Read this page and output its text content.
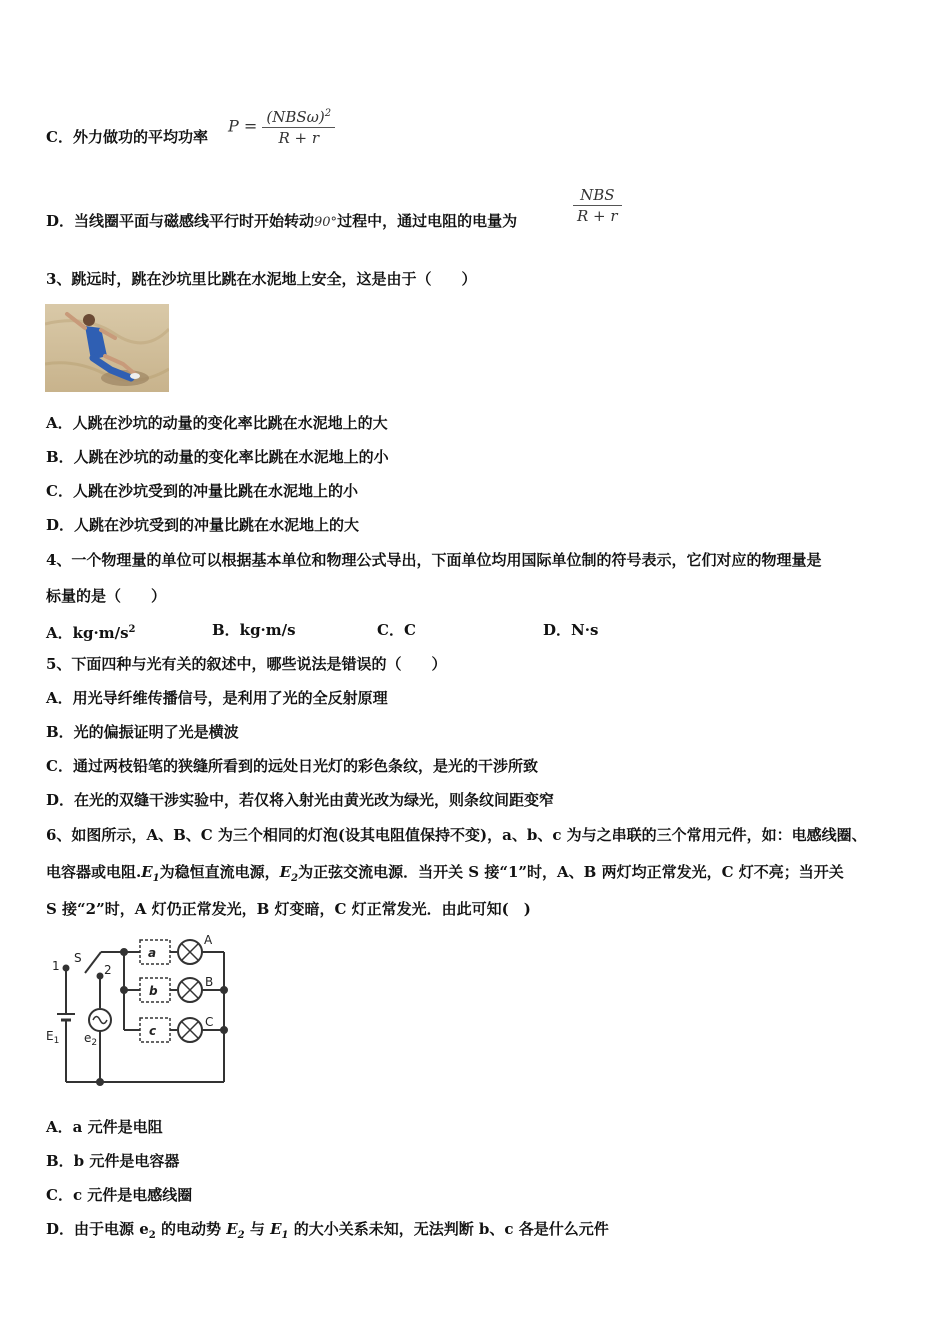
C．外力做功的平均功率
$P = \frac{(NBS\omega)^2}{R + r}$
D．当线圈平面与磁感线平行时开始转动90°过程中，通过电阻的电量为	$\frac{\text{NBS}}{R + r}$
3、跳远时，跳在沙坑里比跳在水泥地上安全，这是由于（　　）
A．人跳在沙坑的动量的变化率比跳在水泥地上的大
B．人跳在沙坑的动量的变化率比跳在水泥地上的小
C．人跳在沙坑受到的冲量比跳在水泥地上的小
D．人跳在沙坑受到的冲量比跳在水泥地上的大
4、一个物理量的单位可以根据基本单位和物理公式导出，下面单位均用国际单位制的符号表示，它们对应的物理量是
标量的是（　　）
A．$kg\cdot m/s^2$	B．kg·m/s	C．C	D．N·s
5、下面四种与光有关的叙述中，哪些说法是错误的（　　）
A．用光导纤维传播信号，是利用了光的全反射原理
B．光的偏振证明了光是横波
C．通过两枝铅笔的狭缝所看到的远处日光灯的彩色条纹，是光的干涉所致
D．在光的双缝干涉实验中，若仅将入射光由黄光改为绿光，则条纹间距变窄
6、如图所示，A、B、C 为三个相同的灯泡(设其电阻值保持不变)，a、b、c 为与之串联的三个常用元件，如：电感线圈、
电容器或电阻$.E_1$为稳恒直流电源，$E_2$为正弦交流电源．当开关 S 接“1”时，A、B 两灯均正常发光，C 灯不亮；当开关
S 接“2”时，A 灯仍正常发光，B 灯变暗，C 灯正常发光．由此可知(　)
1
S
2
a
b
c
A
B
C
$E_1$ $e_2$
A．a 元件是电阻
B．b 元件是电容器
C．c 元件是电感线圈
D．由于电源 $e_2$ 的电动势 $E_2$ 与 $E_1$ 的大小关系未知，无法判断 b、c 各是什么元件
